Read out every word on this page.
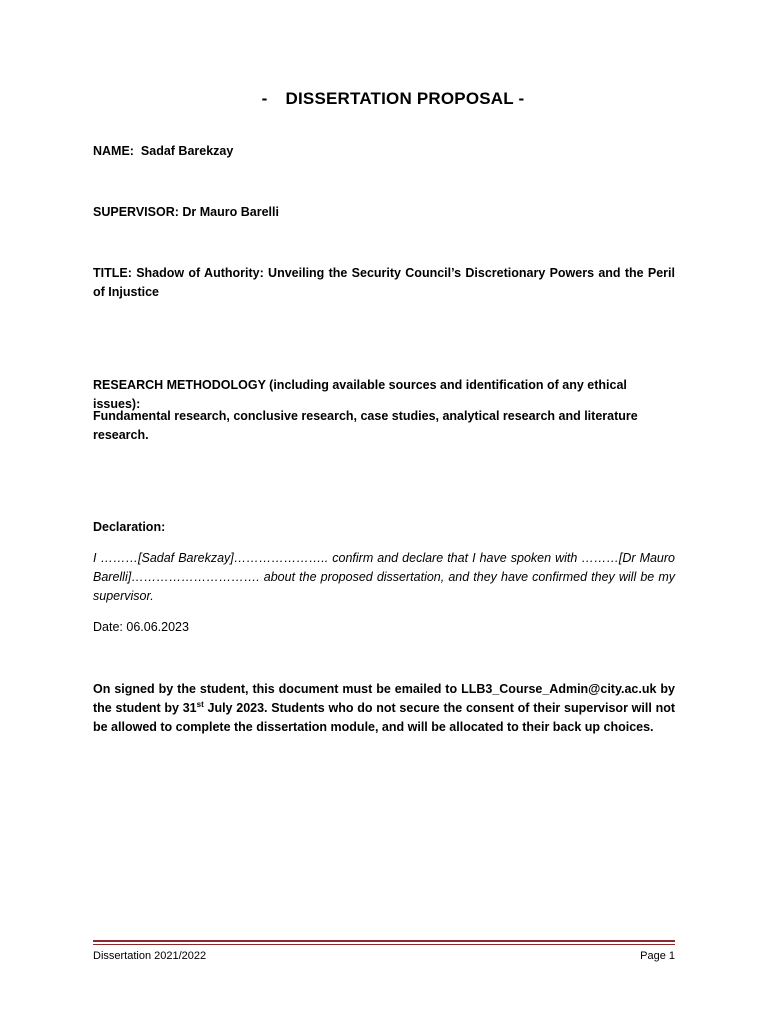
- DISSERTATION PROPOSAL -
NAME: Sadaf Barekzay
SUPERVISOR: Dr Mauro Barelli
TITLE: Shadow of Authority: Unveiling the Security Council’s Discretionary Powers and the Peril of Injustice
RESEARCH METHODOLOGY (including available sources and identification of any ethical issues):
Fundamental research, conclusive research, case studies, analytical research and literature research.
Declaration:
I ………[Sadaf Barekzay]………………….. confirm and declare that I have spoken with ………[Dr Mauro Barelli]…………………………. about the proposed dissertation, and they have confirmed they will be my supervisor.
Date: 06.06.2023
On signed by the student, this document must be emailed to LLB3_Course_Admin@city.ac.uk by the student by 31st July 2023. Students who do not secure the consent of their supervisor will not be allowed to complete the dissertation module, and will be allocated to their back up choices.
Dissertation 2021/2022	Page 1
